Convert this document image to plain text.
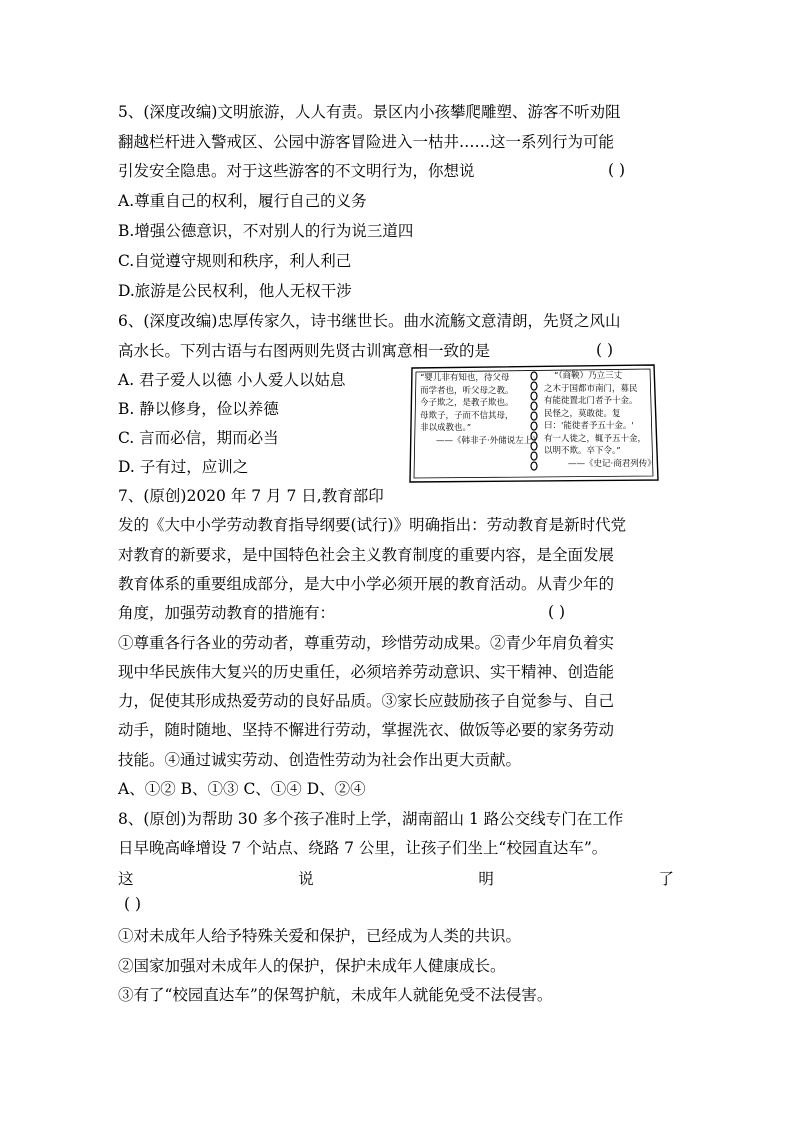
5、(深度改编)文明旅游，人人有责。景区内小孩攀爬雕塑、游客不听劝阻
翻越栏杆进入警戒区、公园中游客冒险进入一枯井……这一系列行为可能
引发安全隐患。对于这些游客的不文明行为，你想说	( )
A.尊重自己的权利，履行自己的义务
B.增强公德意识，不对别人的行为说三道四
C.自觉遵守规则和秩序，利人利己
D.旅游是公民权利，他人无权干涉
6、(深度改编)忠厚传家久，诗书继世长。曲水流觞文意清朗，先贤之风山
高水长。下列古语与右图两则先贤古训寓意相一致的是	( )
A. 君子爱人以德 小人爱人以姑息
B. 静以修身，俭以养德
C. 言而必信，期而必当
D. 子有过，应训之
“婴儿非有知也，待父母
而学者也，听父母之教。
今子欺之，是教子欺也。
母欺子，子而不信其母，
非以成教也。”
——《韩非子·外储说左上》
“（商鞅）乃立三丈
之木于国都市南门，募民
有能徙置北门者予十金。
民怪之，莫敢徙。复
曰：'能徙者予五十金。'
有一人徙之，辄予五十金，
以明不欺。卒下令。”
——《史记·商君列传》
7、(原创)2020 年 7 月 7 日,教育部印
发的《大中小学劳动教育指导纲要(试行)》明确指出：劳动教育是新时代党
对教育的新要求，是中国特色社会主义教育制度的重要内容，是全面发展
教育体系的重要组成部分，是大中小学必须开展的教育活动。从青少年的
角度，加强劳动教育的措施有：	( )
①尊重各行各业的劳动者，尊重劳动，珍惜劳动成果。②青少年肩负着实
现中华民族伟大复兴的历史重任，必须培养劳动意识、实干精神、创造能
力，促使其形成热爱劳动的良好品质。③家长应鼓励孩子自觉参与、自己
动手，随时随地、坚持不懈进行劳动，掌握洗衣、做饭等必要的家务劳动
技能。④通过诚实劳动、创造性劳动为社会作出更大贡献。
A、①② B、①③ C、①④ D、②④
8、(原创)为帮助 30 多个孩子准时上学，湖南韶山 1 路公交线专门在工作
日早晚高峰增设 7 个站点、绕路 7 公里，让孩子们坐上“校园直达车”。
这	说	明	了
( )
①对未成年人给予特殊关爱和保护，已经成为人类的共识。
②国家加强对未成年人的保护，保护未成年人健康成长。
③有了“校园直达车”的保驾护航，未成年人就能免受不法侵害。
